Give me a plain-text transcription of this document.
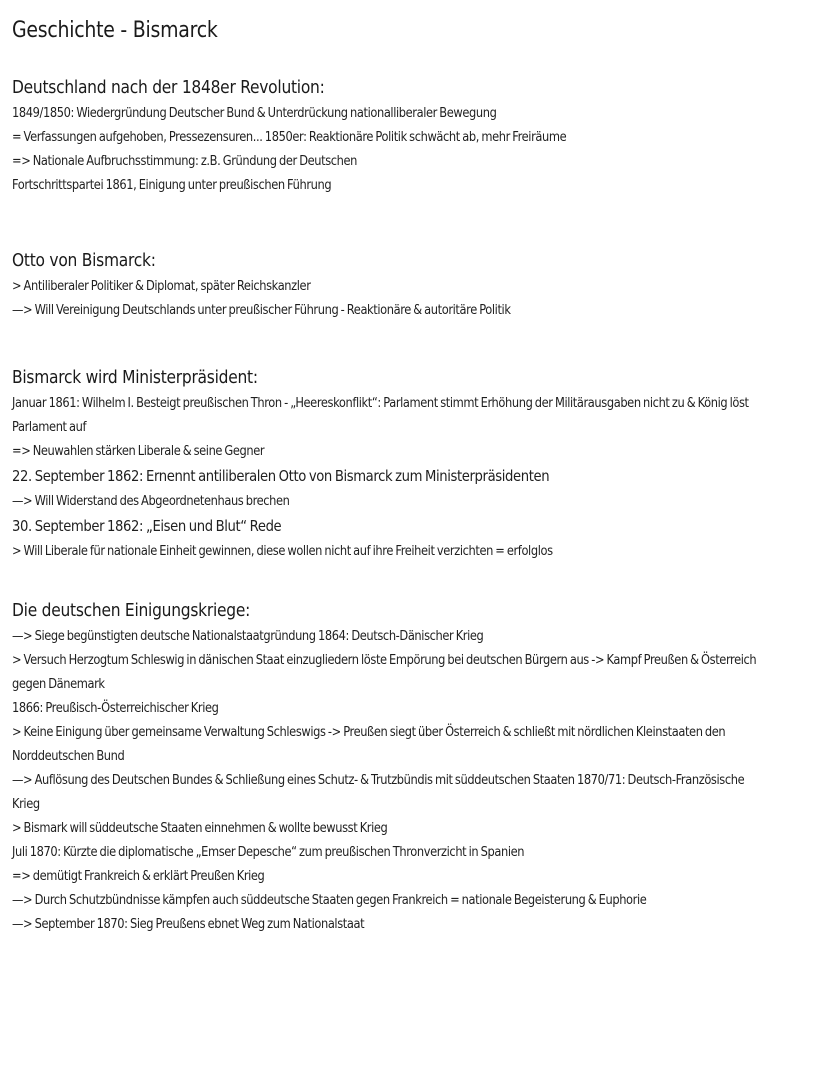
Geschichte - Bismarck
Deutschland nach der 1848er Revolution:
1849/1850: Wiedergründung Deutscher Bund & Unterdrückung nationalliberaler Bewegung
= Verfassungen aufgehoben, Pressezensuren... 1850er: Reaktionäre Politik schwächt ab, mehr Freiräume
=> Nationale Aufbruchsstimmung: z.B. Gründung der Deutschen
Fortschrittspartei 1861, Einigung unter preußischen Führung
Otto von Bismarck:
> Antiliberaler Politiker & Diplomat, später Reichskanzler
—> Will Vereinigung Deutschlands unter preußischer Führung - Reaktionäre & autoritäre Politik
Bismarck wird Ministerpräsident:
Januar 1861: Wilhelm I. Besteigt preußischen Thron - „Heereskonflikt“: Parlament stimmt Erhöhung der Militärausgaben nicht zu & König löst
Parlament auf
=> Neuwahlen stärken Liberale & seine Gegner
22. September 1862: Ernennt antiliberalen Otto von Bismarck zum Ministerpräsidenten
—> Will Widerstand des Abgeordnetenhaus brechen
30. September 1862: „Eisen und Blut“ Rede
> Will Liberale für nationale Einheit gewinnen, diese wollen nicht auf ihre Freiheit verzichten = erfolglos
Die deutschen Einigungskriege:
—> Siege begünstigten deutsche Nationalstaatgründung 1864: Deutsch-Dänischer Krieg
> Versuch Herzogtum Schleswig in dänischen Staat einzugliedern löste Empörung bei deutschen Bürgern aus -> Kampf Preußen & Österreich
gegen Dänemark
1866: Preußisch-Österreichischer Krieg
> Keine Einigung über gemeinsame Verwaltung Schleswigs -> Preußen siegt über Österreich & schließt mit nördlichen Kleinstaaten den
Norddeutschen Bund
—> Auflösung des Deutschen Bundes & Schließung eines Schutz- & Trutzbündis mit süddeutschen Staaten 1870/71: Deutsch-Französische
Krieg
> Bismark will süddeutsche Staaten einnehmen & wollte bewusst Krieg
Juli 1870: Kürzte die diplomatische „Emser Depesche“ zum preußischen Thronverzicht in Spanien
=> demütigt Frankreich & erklärt Preußen Krieg
—> Durch Schutzbündnisse kämpfen auch süddeutsche Staaten gegen Frankreich = nationale Begeisterung & Euphorie
—> September 1870: Sieg Preußens ebnet Weg zum Nationalstaat
